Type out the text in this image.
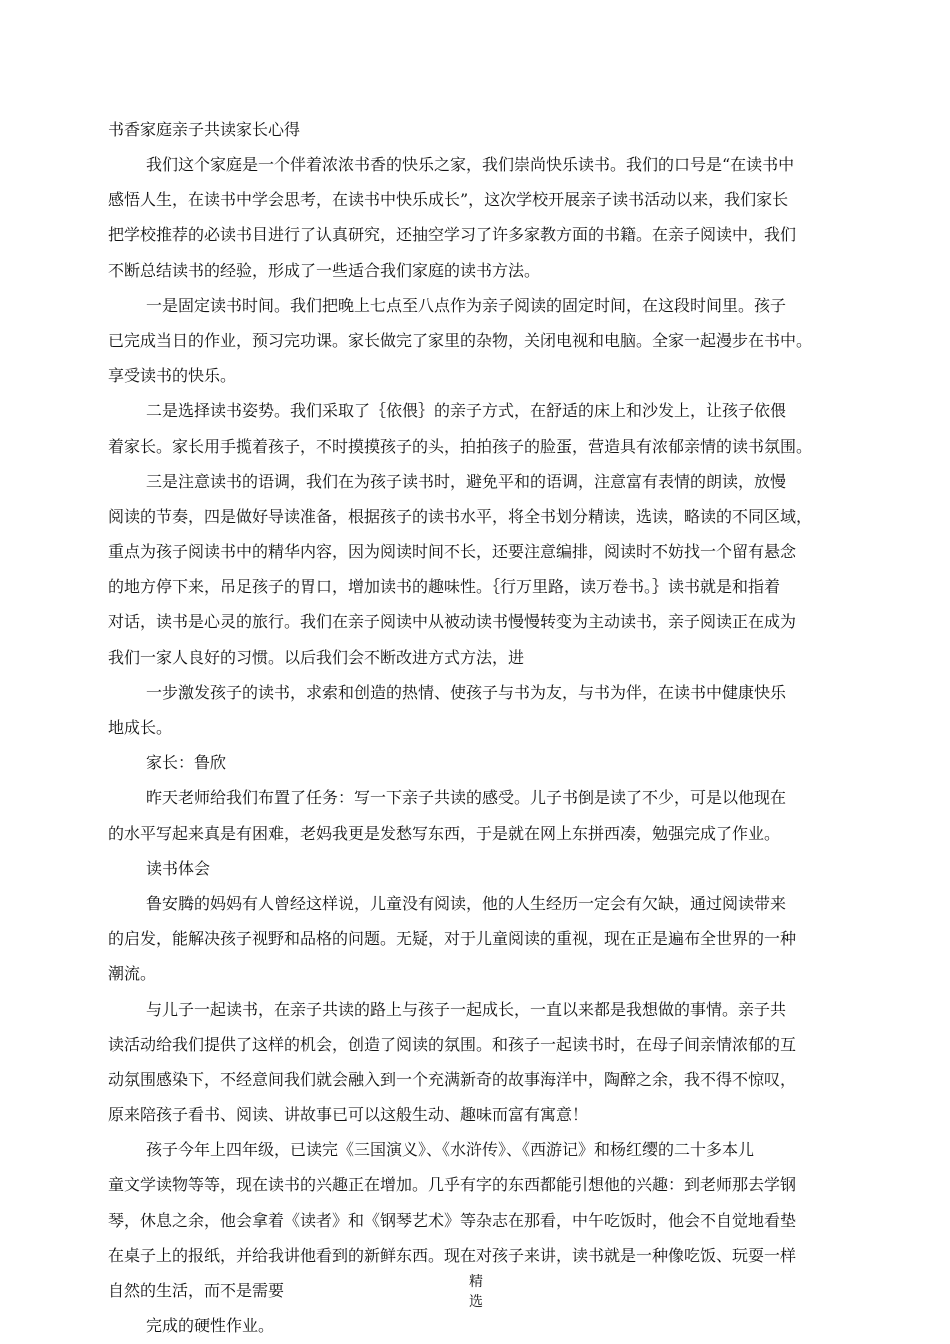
书香家庭亲子共读家长心得

我们这个家庭是一个伴着浓浓书香的快乐之家，我们崇尚快乐读书。我们的口号是“在读书中
感悟人生，在读书中学会思考，在读书中快乐成长”，这次学校开展亲子读书活动以来，我们家长
把学校推荐的必读书目进行了认真研究，还抽空学习了许多家教方面的书籍。在亲子阅读中，我们
不断总结读书的经验，形成了一些适合我们家庭的读书方法。
一是固定读书时间。我们把晚上七点至八点作为亲子阅读的固定时间，在这段时间里。孩子
已完成当日的作业，预习完功课。家长做完了家里的杂物，关闭电视和电脑。全家一起漫步在书中。
享受读书的快乐。
二是选择读书姿势。我们采取了｛依偎｝的亲子方式，在舒适的床上和沙发上，让孩子依偎
着家长。家长用手揽着孩子，不时摸摸孩子的头，拍拍孩子的脸蛋，营造具有浓郁亲情的读书氛围。
三是注意读书的语调，我们在为孩子读书时，避免平和的语调，注意富有表情的朗读，放慢
阅读的节奏，四是做好导读准备，根据孩子的读书水平，将全书划分精读，选读，略读的不同区域，
重点为孩子阅读书中的精华内容，因为阅读时间不长，还要注意编排，阅读时不妨找一个留有悬念
的地方停下来，吊足孩子的胃口，增加读书的趣味性。｛行万里路，读万卷书。｝读书就是和指着
对话，读书是心灵的旅行。我们在亲子阅读中从被动读书慢慢转变为主动读书，亲子阅读正在成为
我们一家人良好的习惯。以后我们会不断改进方式方法，进
一步激发孩子的读书，求索和创造的热情、使孩子与书为友，与书为伴，在读书中健康快乐
地成长。
家长：鲁欣
昨天老师给我们布置了任务：写一下亲子共读的感受。儿子书倒是读了不少，可是以他现在
的水平写起来真是有困难，老妈我更是发愁写东西，于是就在网上东拼西凑，勉强完成了作业。
读书体会
鲁安腾的妈妈有人曾经这样说，儿童没有阅读，他的人生经历一定会有欠缺，通过阅读带来
的启发，能解决孩子视野和品格的问题。无疑，对于儿童阅读的重视，现在正是遍布全世界的一种
潮流。
与儿子一起读书，在亲子共读的路上与孩子一起成长，一直以来都是我想做的事情。亲子共
读活动给我们提供了这样的机会，创造了阅读的氛围。和孩子一起读书时，在母子间亲情浓郁的互
动氛围感染下，不经意间我们就会融入到一个充满新奇的故事海洋中，陶醉之余，我不得不惊叹，
原来陪孩子看书、阅读、讲故事已可以这般生动、趣味而富有寓意！
孩子今年上四年级，已读完《三国演义》、《水浒传》、《西游记》和杨红缨的二十多本儿
童文学读物等等，现在读书的兴趣正在增加。几乎有字的东西都能引想他的兴趣：到老师那去学钢
琴，休息之余，他会拿着《读者》和《钢琴艺术》等杂志在那看，中午吃饭时，他会不自觉地看垫
在桌子上的报纸，并给我讲他看到的新鲜东西。现在对孩子来讲，读书就是一种像吃饭、玩耍一样
自然的生活，而不是需要
完成的硬性作业。
精
选
